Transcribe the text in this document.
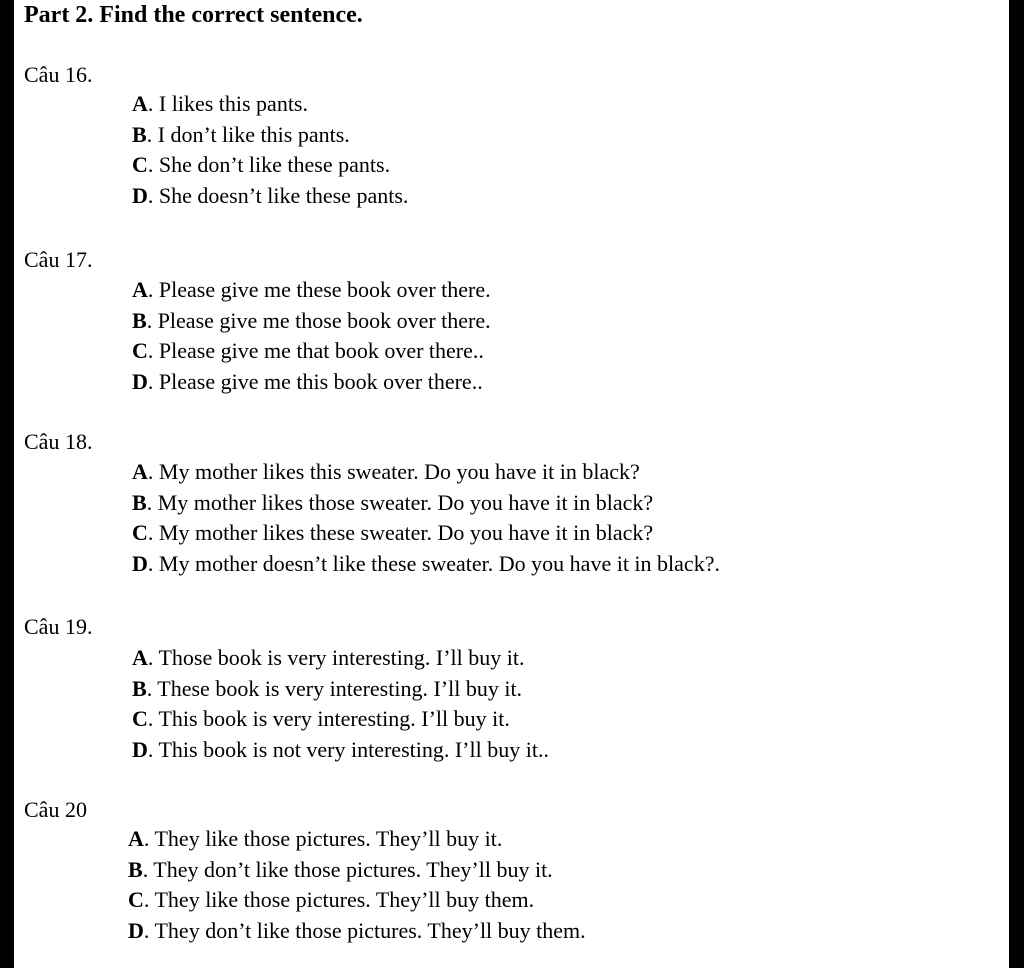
Part 2. Find the correct sentence.
Câu 16.
A. I likes this pants.
B. I don’t like this pants.
C. She don’t like these pants.
D. She doesn’t like these pants.
Câu 17.
A. Please give me these book over there.
B. Please give me those book over there.
C. Please give me that book over there..
D. Please give me this book over there..
Câu 18.
A. My mother likes this sweater. Do you have it in black?
B. My mother likes those sweater. Do you have it in black?
C. My mother likes these sweater. Do you have it in black?
D. My mother doesn’t like these sweater. Do you have it in black?.
Câu 19.
A. Those book is very interesting. I’ll buy it.
B. These book is very interesting. I’ll buy it.
C. This book is very interesting. I’ll buy it.
D. This book is not very interesting. I’ll buy it..
Câu 20
A. They like those pictures. They’ll buy it.
B. They don’t like those pictures. They’ll buy it.
C. They like those pictures. They’ll buy them.
D. They don’t like those pictures. They’ll buy them.
